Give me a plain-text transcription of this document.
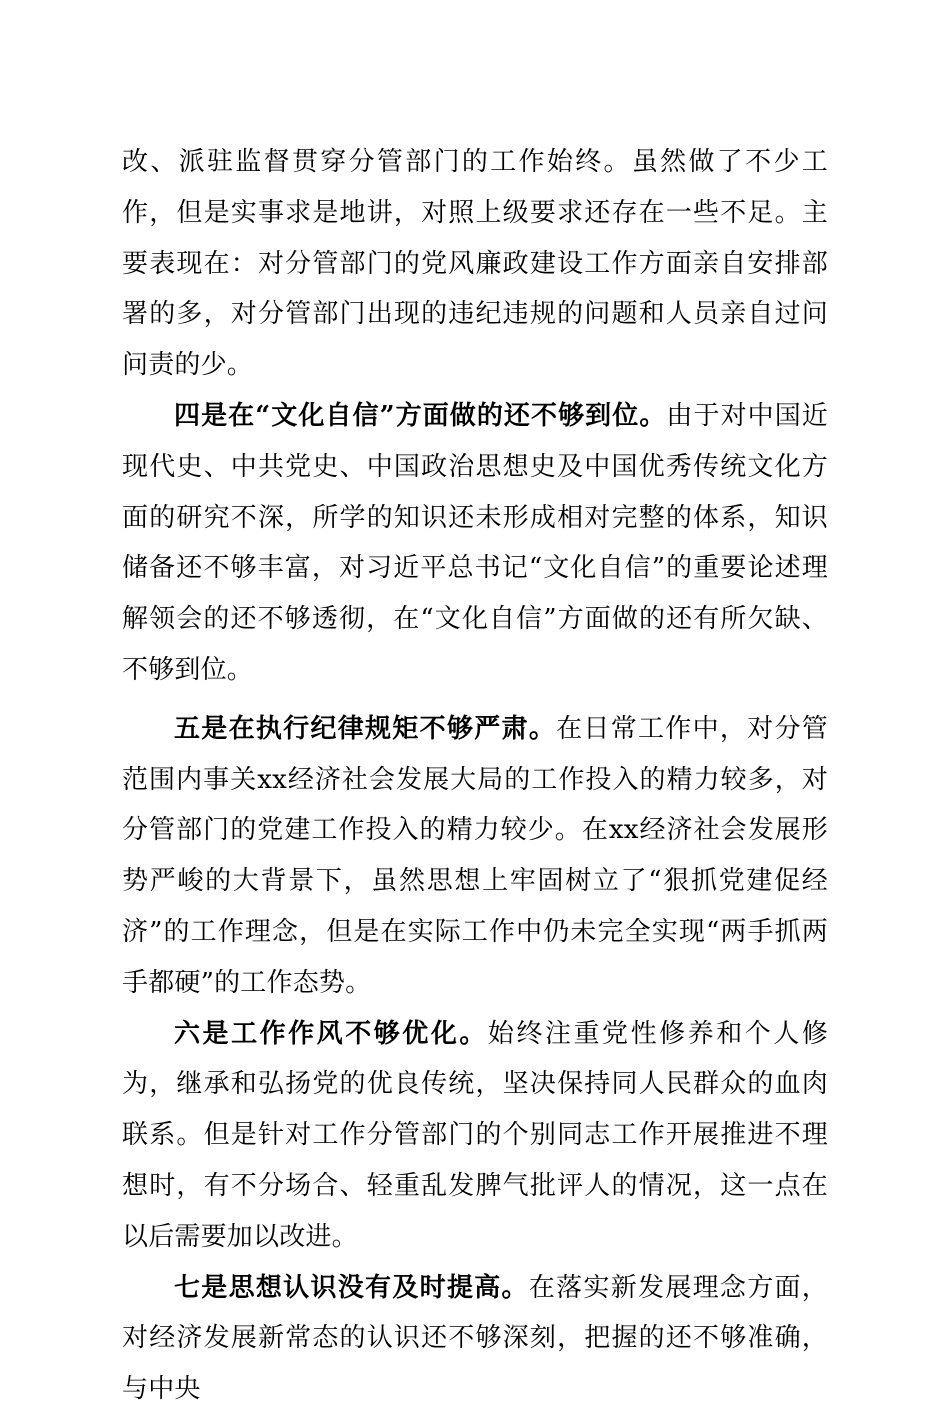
改、派驻监督贯穿分管部门的工作始终。虽然做了不少工作，但是实事求是地讲，对照上级要求还存在一些不足。主要表现在：对分管部门的党风廉政建设工作方面亲自安排部署的多，对分管部门出现的违纪违规的问题和人员亲自过问问责的少。

四是在“文化自信”方面做的还不够到位。由于对中国近现代史、中共党史、中国政治思想史及中国优秀传统文化方面的研究不深，所学的知识还未形成相对完整的体系，知识储备还不够丰富，对习近平总书记“文化自信”的重要论述理解领会的还不够透彻，在“文化自信”方面做的还有所欠缺、不够到位。

五是在执行纪律规矩不够严肃。在日常工作中，对分管范围内事关xx经济社会发展大局的工作投入的精力较多，对分管部门的党建工作投入的精力较少。在xx经济社会发展形势严峻的大背景下，虽然思想上牢固树立了“狠抓党建促经济”的工作理念，但是在实际工作中仍未完全实现“两手抓两手都硬”的工作态势。

六是工作作风不够优化。始终注重党性修养和个人修为，继承和弘扬党的优良传统，坚决保持同人民群众的血肉联系。但是针对工作分管部门的个别同志工作开展推进不理想时，有不分场合、轻重乱发脾气批评人的情况，这一点在以后需要加以改进。

七是思想认识没有及时提高。在落实新发展理念方面，对经济发展新常态的认识还不够深刻，把握的还不够准确，与中央
